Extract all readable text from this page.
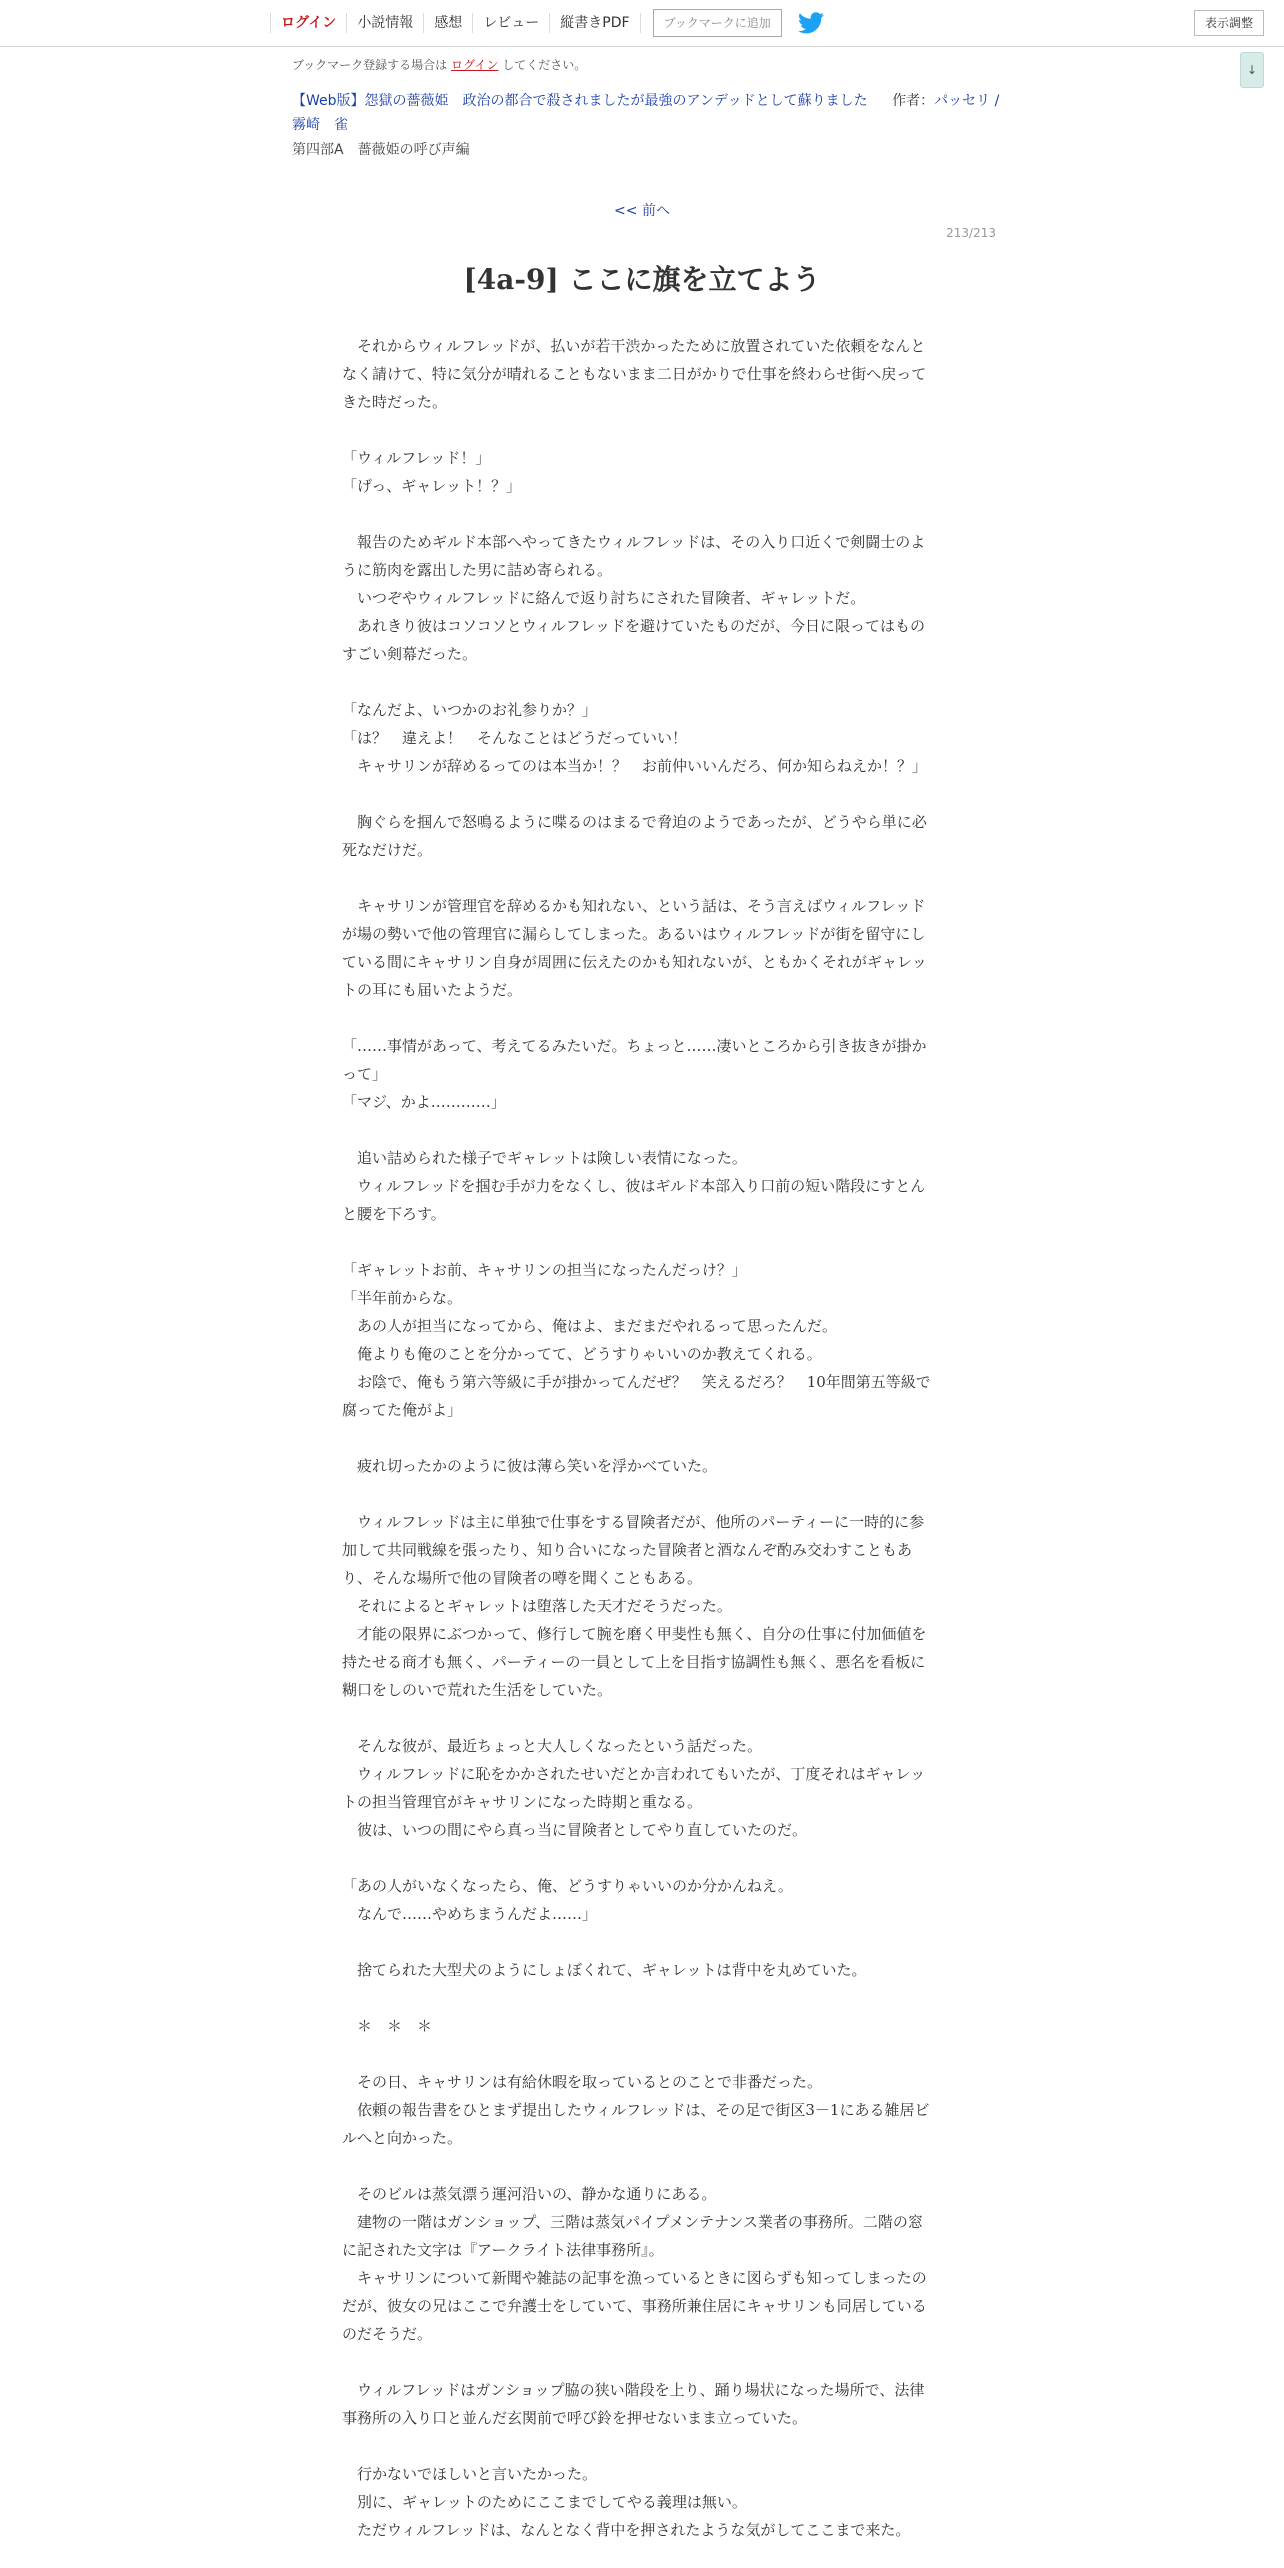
ログイン	小説情報	感想	レビュー	縦書きPDF	ブックマークに追加	表示調整
↓
ブックマーク登録する場合は ログイン してください。
【Web版】怨獄の薔薇姫　政治の都合で殺されましたが最強のアンデッドとして蘇りました 作者：パッセリ / 霧崎　雀
第四部A　薔薇姫の呼び声編
<< 前へ
213/213
[4a-9] ここに旗を立てよう

　それからウィルフレッドが、払いが若干渋かったために放置されていた依頼をなんとなく請けて、特に気分が晴れることもないまま二日がかりで仕事を終わらせ街へ戻ってきた時だった。

「ウィルフレッド！」

「げっ、ギャレット！？」

　報告のためギルド本部へやってきたウィルフレッドは、その入り口近くで剣闘士のように筋肉を露出した男に詰め寄られる。

　いつぞやウィルフレッドに絡んで返り討ちにされた冒険者、ギャレットだ。

　あれきり彼はコソコソとウィルフレッドを避けていたものだが、今日に限ってはものすごい剣幕だった。

「なんだよ、いつかのお礼参りか？」

「は？　違えよ！　そんなことはどうだっていい！

　キャサリンが辞めるってのは本当か！？　お前仲いいんだろ、何か知らねえか！？」

　胸ぐらを掴んで怒鳴るように喋るのはまるで脅迫のようであったが、どうやら単に必死なだけだ。

　キャサリンが管理官を辞めるかも知れない、という話は、そう言えばウィルフレッドが場の勢いで他の管理官に漏らしてしまった。あるいはウィルフレッドが街を留守にしている間にキャサリン自身が周囲に伝えたのかも知れないが、ともかくそれがギャレットの耳にも届いたようだ。

「……事情があって、考えてるみたいだ。ちょっと……凄いところから引き抜きが掛かって」

「マジ、かよ…………」

　追い詰められた様子でギャレットは険しい表情になった。

　ウィルフレッドを掴む手が力をなくし、彼はギルド本部入り口前の短い階段にすとんと腰を下ろす。

「ギャレットお前、キャサリンの担当になったんだっけ？」

「半年前からな。

　あの人が担当になってから、俺はよ、まだまだやれるって思ったんだ。

　俺よりも俺のことを分かってて、どうすりゃいいのか教えてくれる。

　お陰で、俺もう第六等級に手が掛かってんだぜ？　笑えるだろ？　10年間第五等級で腐ってた俺がよ」

　疲れ切ったかのように彼は薄ら笑いを浮かべていた。

　ウィルフレッドは主に単独で仕事をする冒険者だが、他所のパーティーに一時的に参加して共同戦線を張ったり、知り合いになった冒険者と酒なんぞ酌み交わすこともあり、そんな場所で他の冒険者の噂を聞くこともある。

　それによるとギャレットは堕落した天才だそうだった。

　才能の限界にぶつかって、修行して腕を磨く甲斐性も無く、自分の仕事に付加価値を持たせる商才も無く、パーティーの一員として上を目指す協調性も無く、悪名を看板に糊口をしのいで荒れた生活をしていた。

　そんな彼が、最近ちょっと大人しくなったという話だった。

　ウィルフレッドに恥をかかされたせいだとか言われてもいたが、丁度それはギャレットの担当管理官がキャサリンになった時期と重なる。

　彼は、いつの間にやら真っ当に冒険者としてやり直していたのだ。

「あの人がいなくなったら、俺、どうすりゃいいのか分かんねえ。

　なんで……やめちまうんだよ……」

　捨てられた大型犬のようにしょぼくれて、ギャレットは背中を丸めていた。

　＊　＊　＊

　その日、キャサリンは有給休暇を取っているとのことで非番だった。

　依頼の報告書をひとまず提出したウィルフレッドは、その足で街区3－1にある雑居ビルへと向かった。

　そのビルは蒸気漂う運河沿いの、静かな通りにある。

　建物の一階はガンショップ、三階は蒸気パイプメンテナンス業者の事務所。二階の窓に記された文字は『アークライト法律事務所』。

　キャサリンについて新聞や雑誌の記事を漁っているときに図らずも知ってしまったのだが、彼女の兄はここで弁護士をしていて、事務所兼住居にキャサリンも同居しているのだそうだ。

　ウィルフレッドはガンショップ脇の狭い階段を上り、踊り場状になった場所で、法律事務所の入り口と並んだ玄関前で呼び鈴を押せないまま立っていた。

　行かないでほしいと言いたかった。

　別に、ギャレットのためにここまでしてやる義理は無い。

　ただウィルフレッドは、なんとなく背中を押されたような気がしてここまで来た。
